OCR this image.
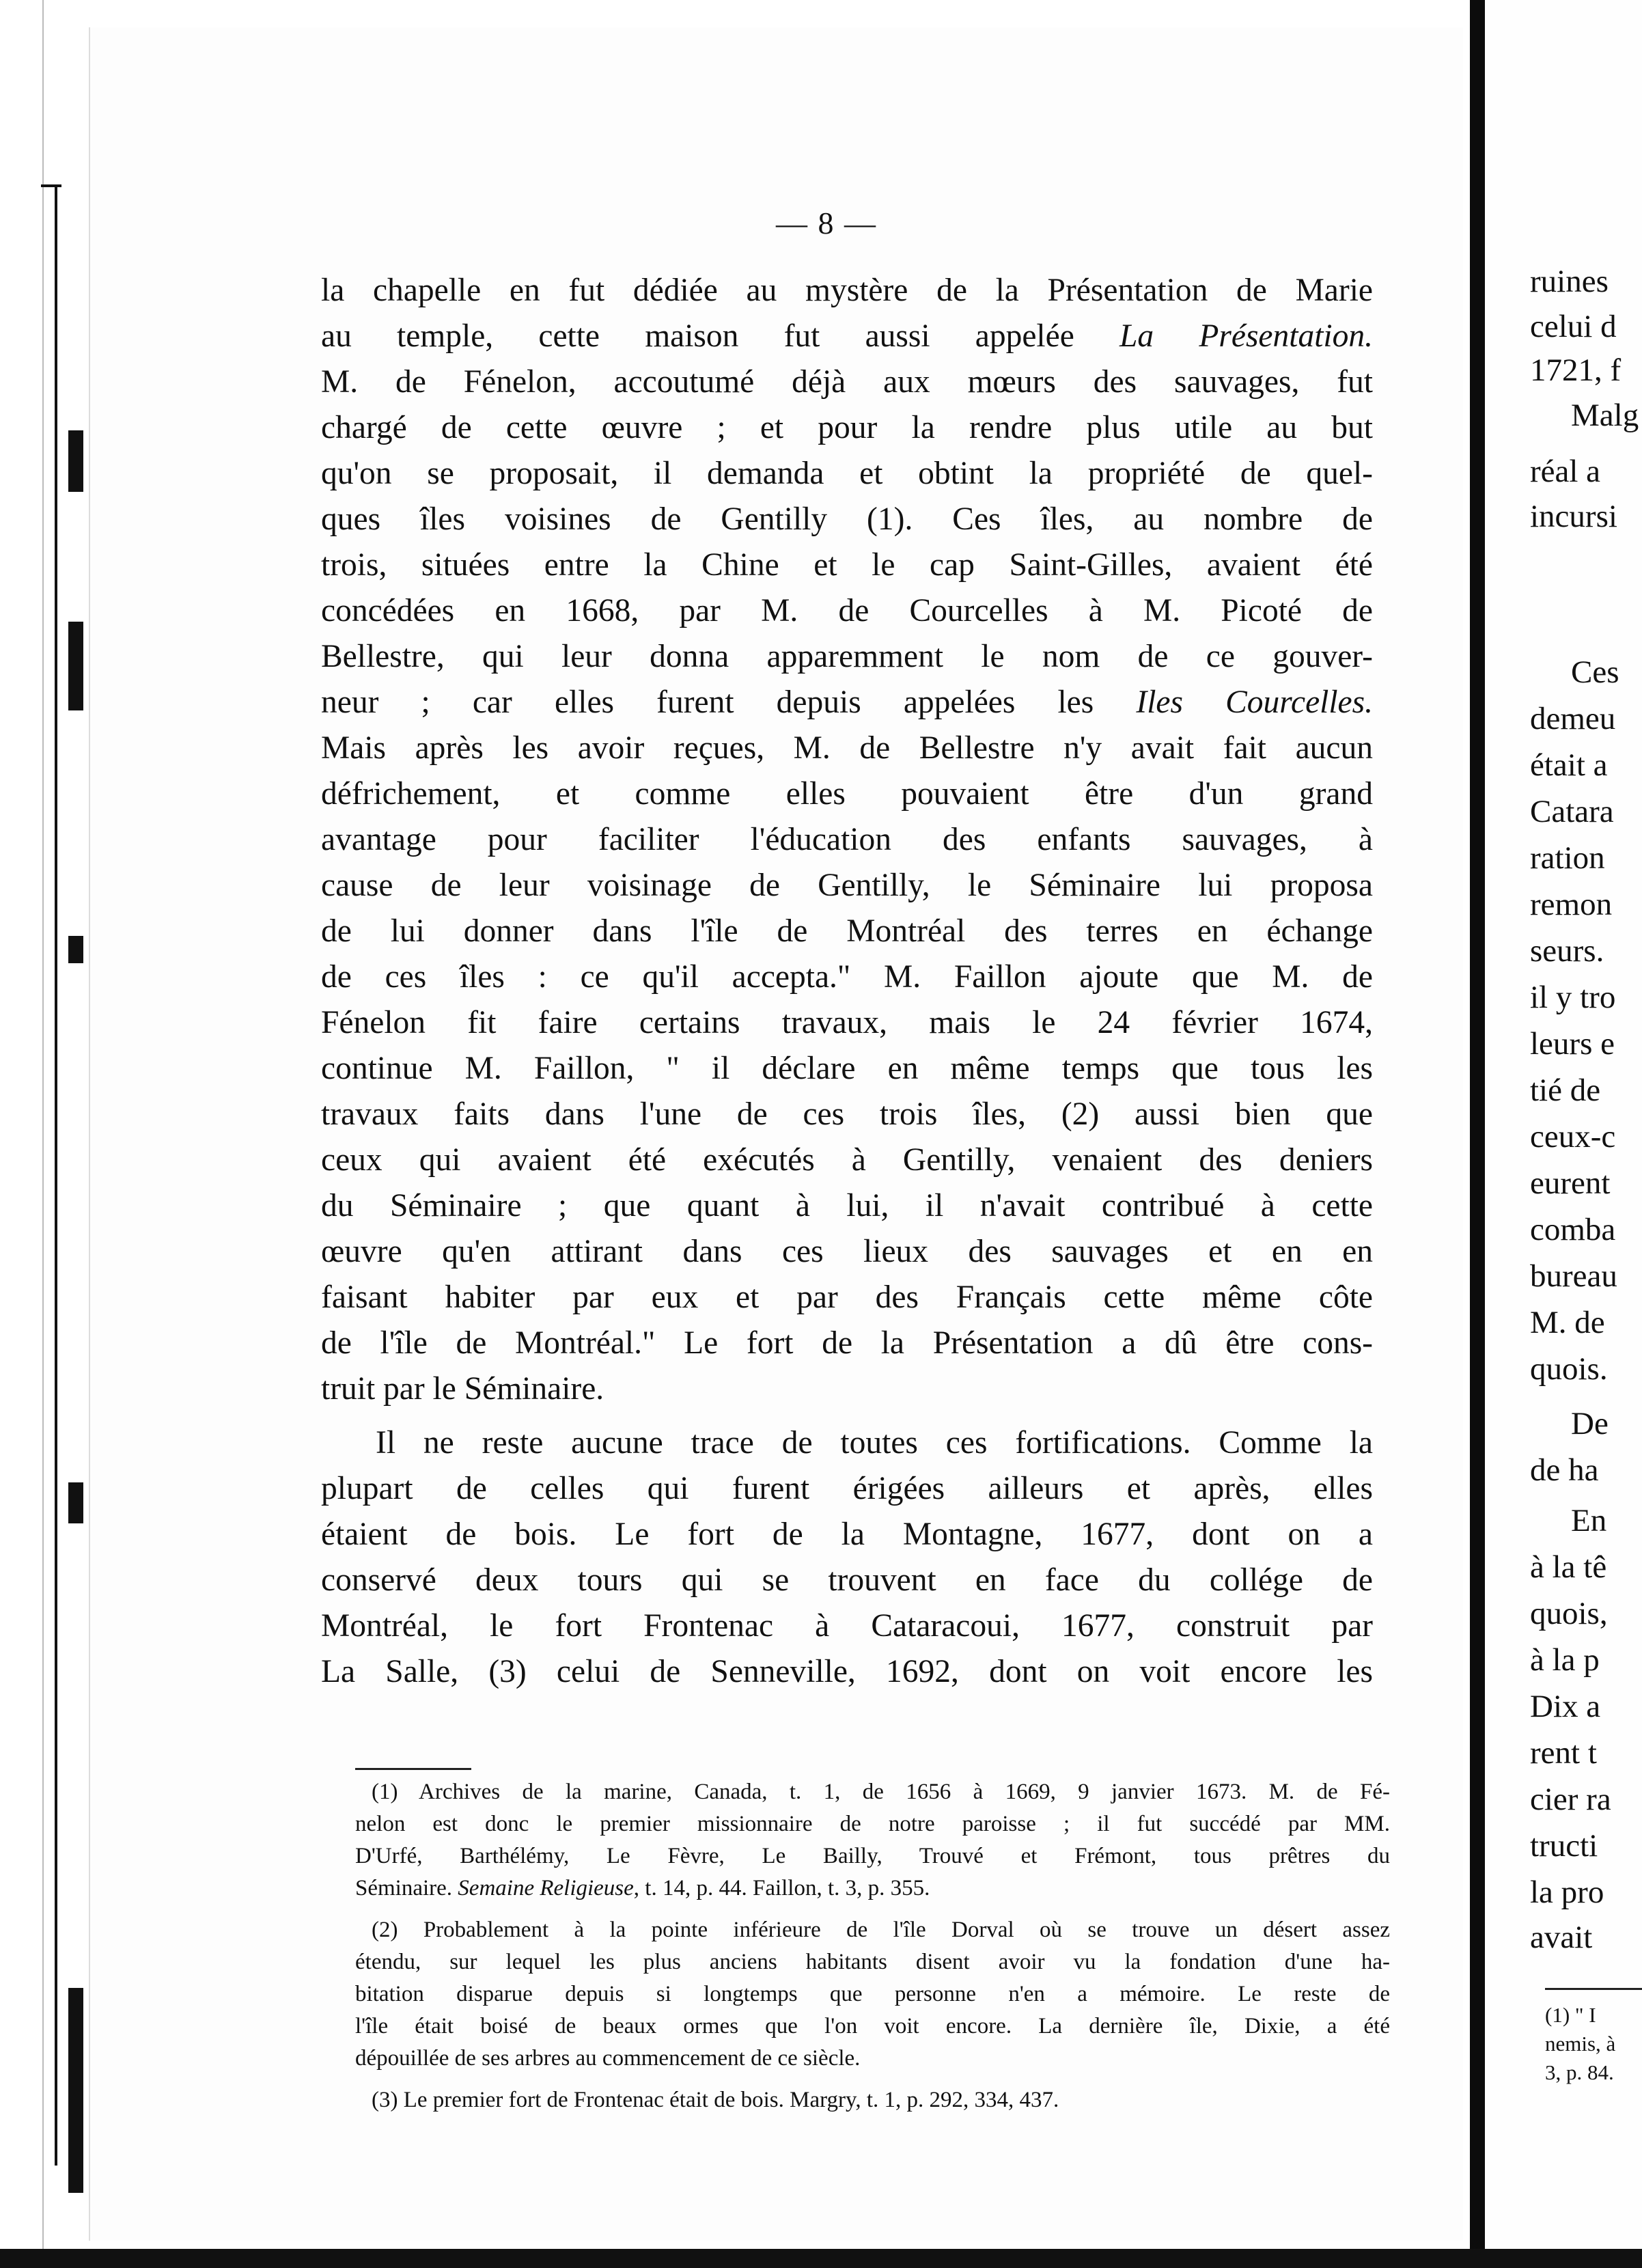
— 8 —
la chapelle en fut dédiée au mystère de la Présentation de Marie
au temple, cette maison fut aussi appelée La Présentation.
M. de Fénelon, accoutumé déjà aux mœurs des sauvages, fut
chargé de cette œuvre ; et pour la rendre plus utile au but
qu'on se proposait, il demanda et obtint la propriété de quel-
ques îles voisines de Gentilly (1). Ces îles, au nombre de
trois, situées entre la Chine et le cap Saint-Gilles, avaient été
concédées en 1668, par M. de Courcelles à M. Picoté de
Bellestre, qui leur donna apparemment le nom de ce gouver-
neur ; car elles furent depuis appelées les Iles Courcelles.
Mais après les avoir reçues, M. de Bellestre n'y avait fait aucun
défrichement, et comme elles pouvaient être d'un grand
avantage pour faciliter l'éducation des enfants sauvages, à
cause de leur voisinage de Gentilly, le Séminaire lui proposa
de lui donner dans l'île de Montréal des terres en échange
de ces îles : ce qu'il accepta." M. Faillon ajoute que M. de
Fénelon fit faire certains travaux, mais le 24 février 1674,
continue M. Faillon, " il déclare en même temps que tous les
travaux faits dans l'une de ces trois îles, (2) aussi bien que
ceux qui avaient été exécutés à Gentilly, venaient des deniers
du Séminaire ; que quant à lui, il n'avait contribué à cette
œuvre qu'en attirant dans ces lieux des sauvages et en en
faisant habiter par eux et par des Français cette même côte
de l'île de Montréal." Le fort de la Présentation a dû être cons-
truit par le Séminaire.
Il ne reste aucune trace de toutes ces fortifications. Comme la
plupart de celles qui furent érigées ailleurs et après, elles
étaient de bois. Le fort de la Montagne, 1677, dont on a
conservé deux tours qui se trouvent en face du collége de
Montréal, le fort Frontenac à Cataracoui, 1677, construit par
La Salle, (3) celui de Senneville, 1692, dont on voit encore les
(1) Archives de la marine, Canada, t. 1, de 1656 à 1669, 9 janvier 1673. M. de Fé-
nelon est donc le premier missionnaire de notre paroisse ; il fut succédé par MM.
D'Urfé, Barthélémy, Le Fèvre, Le Bailly, Trouvé et Frémont, tous prêtres du
Séminaire. Semaine Religieuse, t. 14, p. 44. Faillon, t. 3, p. 355.
(2) Probablement à la pointe inférieure de l'île Dorval où se trouve un désert assez
étendu, sur lequel les plus anciens habitants disent avoir vu la fondation d'une ha-
bitation disparue depuis si longtemps que personne n'en a mémoire. Le reste de
l'île était boisé de beaux ormes que l'on voit encore. La dernière île, Dixie, a été
dépouillée de ses arbres au commencement de ce siècle.
(3) Le premier fort de Frontenac était de bois. Margry, t. 1, p. 292, 334, 437.
ruines
celui d
1721, f
Malg
réal a
incursi
Ces
demeu
était a
Catara
ration
remon
seurs.
il y tro
leurs e
tié de
ceux-c
eurent
comba
bureau
M. de
quois.
De
de ha
En
à la tê
quois,
à la p
Dix a
rent t
cier ra
tructi
la pro
avait
(1) " I
nemis, à
3, p. 84.
